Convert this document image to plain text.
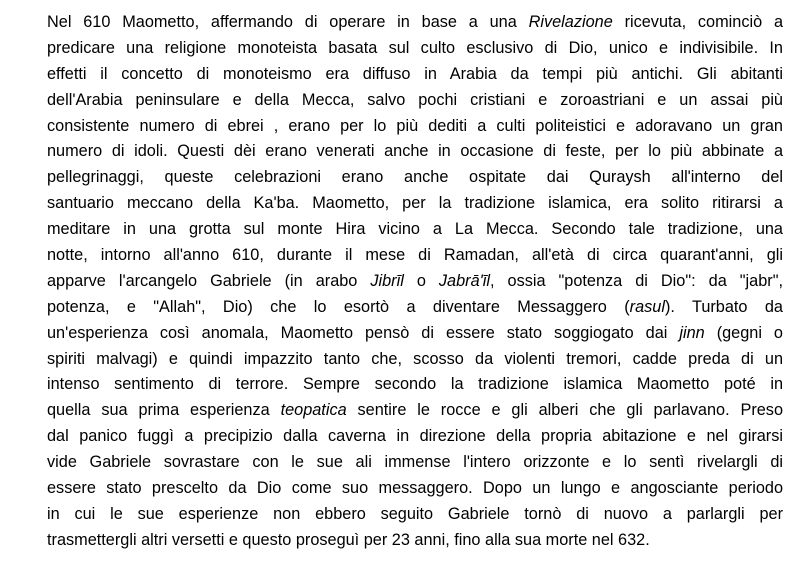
Nel 610 Maometto, affermando di operare in base a una Rivelazione ricevuta, cominciò a
predicare una religione monoteista basata sul culto esclusivo di Dio, unico e indivisibile. In
effetti il concetto di monoteismo era diffuso in Arabia da tempi più antichi. Gli abitanti
dell'Arabia peninsulare e della Mecca, salvo pochi cristiani e zoroastriani e un assai più
consistente numero di ebrei , erano per lo più dediti a culti politeistici e adoravano un gran
numero di idoli. Questi dèi erano venerati anche in occasione di feste, per lo più abbinate a
pellegrinaggi, queste celebrazioni erano anche ospitate dai Quraysh all'interno del
santuario meccano della Ka'ba. Maometto, per la tradizione islamica, era solito ritirarsi a
meditare in una grotta sul monte Hira vicino a La Mecca. Secondo tale tradizione, una
notte, intorno all'anno 610, durante il mese di Ramadan, all'età di circa quarant'anni, gli
apparve l'arcangelo Gabriele (in arabo Jibrīl o Jabrā'īl, ossia "potenza di Dio": da "jabr",
potenza, e "Allah", Dio) che lo esortò a diventare Messaggero (rasul). Turbato da
un'esperienza così anomala, Maometto pensò di essere stato soggiogato dai jinn (gegni o
spiriti malvagi) e quindi impazzito tanto che, scosso da violenti tremori, cadde preda di un
intenso sentimento di terrore. Sempre secondo la tradizione islamica Maometto poté in
quella sua prima esperienza teopatica sentire le rocce e gli alberi che gli parlavano. Preso
dal panico fuggì a precipizio dalla caverna in direzione della propria abitazione e nel girarsi
vide Gabriele sovrastare con le sue ali immense l'intero orizzonte e lo sentì rivelargli di
essere stato prescelto da Dio come suo messaggero. Dopo un lungo e angosciante periodo
in cui le sue esperienze non ebbero seguito Gabriele tornò di nuovo a parlargli per
trasmettergli altri versetti e questo proseguì per 23 anni, fino alla sua morte nel 632.
